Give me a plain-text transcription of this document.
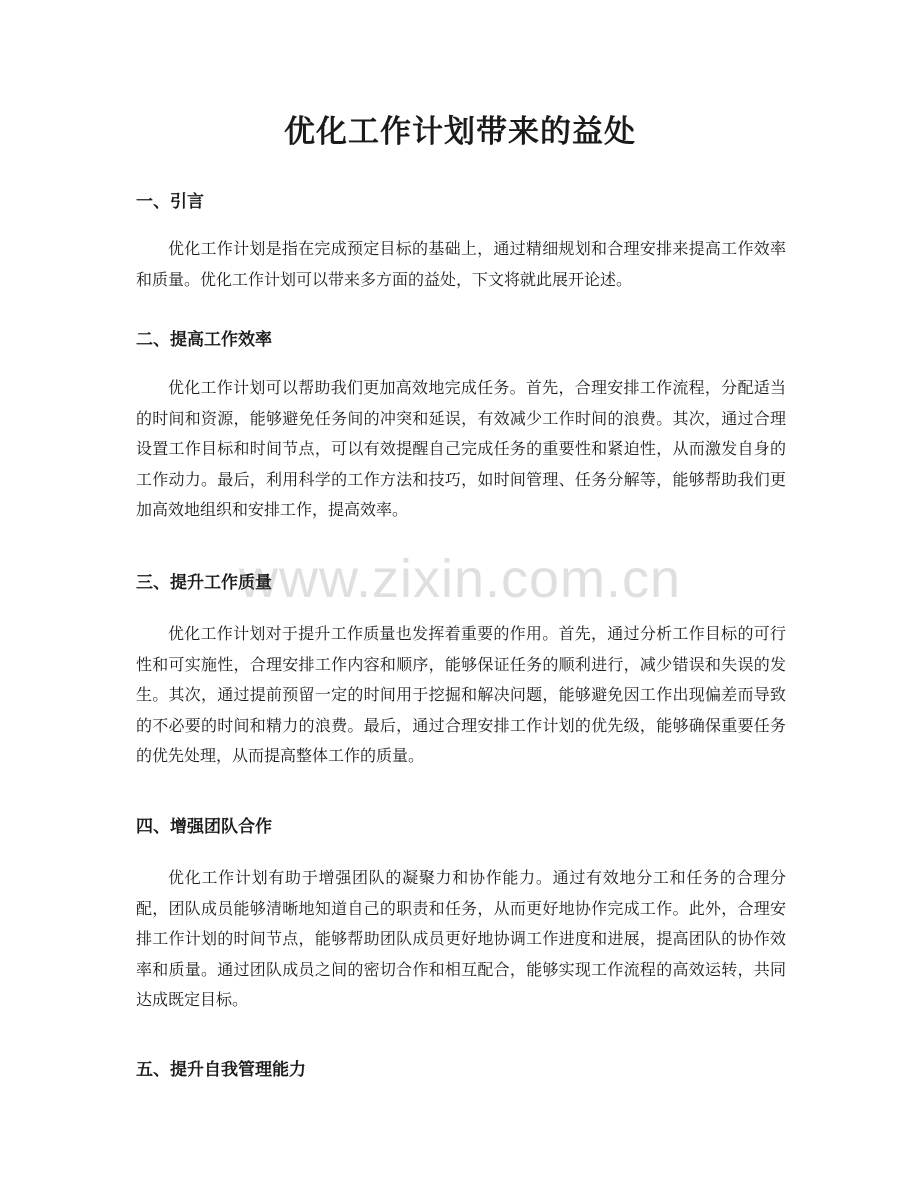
优化工作计划带来的益处
一、引言

优化工作计划是指在完成预定目标的基础上，通过精细规划和合理安排来提高工作效率和质量。优化工作计划可以带来多方面的益处，下文将就此展开论述。

二、提高工作效率

优化工作计划可以帮助我们更加高效地完成任务。首先，合理安排工作流程，分配适当的时间和资源，能够避免任务间的冲突和延误，有效减少工作时间的浪费。其次，通过合理设置工作目标和时间节点，可以有效提醒自己完成任务的重要性和紧迫性，从而激发自身的工作动力。最后，利用科学的工作方法和技巧，如时间管理、任务分解等，能够帮助我们更加高效地组织和安排工作，提高效率。

三、提升工作质量

优化工作计划对于提升工作质量也发挥着重要的作用。首先，通过分析工作目标的可行性和可实施性，合理安排工作内容和顺序，能够保证任务的顺利进行，减少错误和失误的发生。其次，通过提前预留一定的时间用于挖掘和解决问题，能够避免因工作出现偏差而导致的不必要的时间和精力的浪费。最后，通过合理安排工作计划的优先级，能够确保重要任务的优先处理，从而提高整体工作的质量。

四、增强团队合作

优化工作计划有助于增强团队的凝聚力和协作能力。通过有效地分工和任务的合理分配，团队成员能够清晰地知道自己的职责和任务，从而更好地协作完成工作。此外，合理安排工作计划的时间节点，能够帮助团队成员更好地协调工作进度和进展，提高团队的协作效率和质量。通过团队成员之间的密切合作和相互配合，能够实现工作流程的高效运转，共同达成既定目标。

五、提升自我管理能力
www.zixin.com.cn
